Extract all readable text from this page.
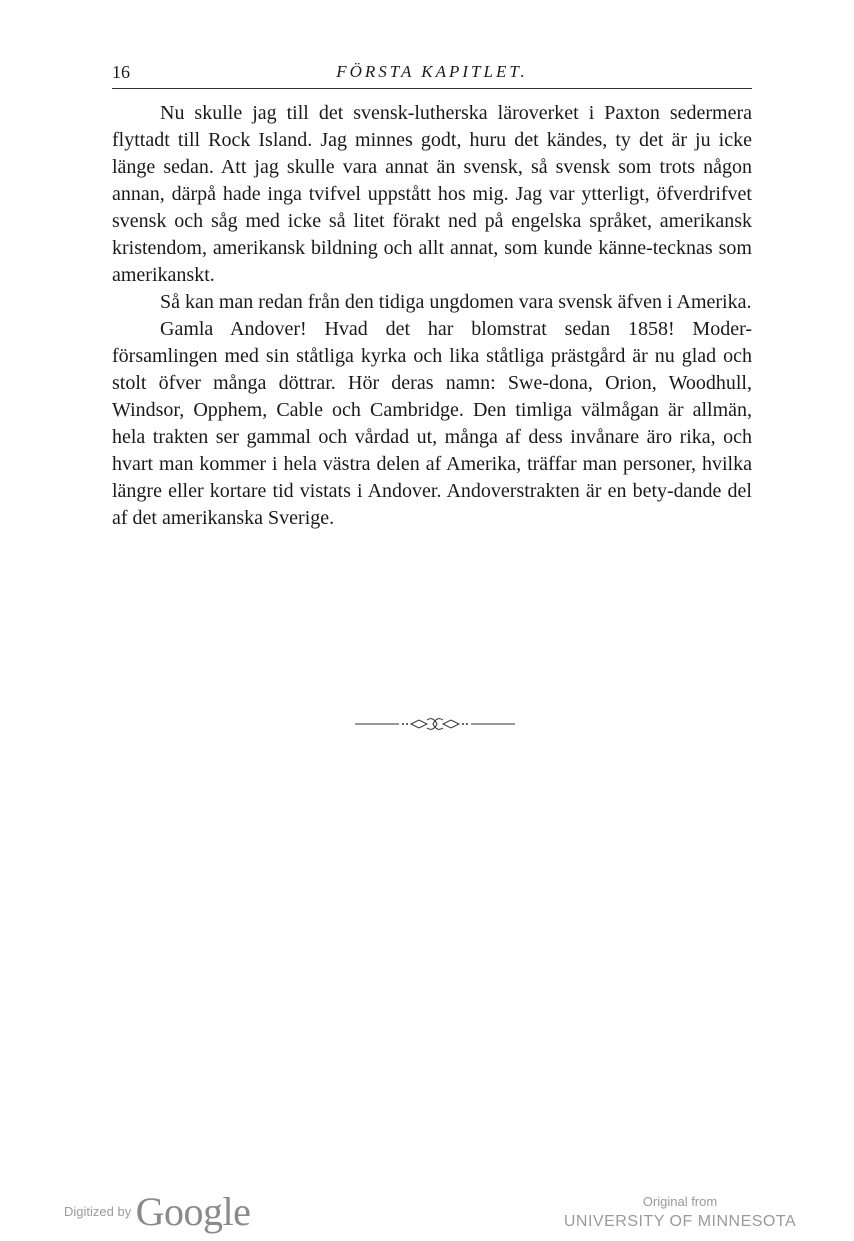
16	FÖRSTA KAPITLET.

Nu skulle jag till det svensk-lutherska läroverket i Paxton sedermera flyttadt till Rock Island. Jag minnes godt, huru det kändes, ty det är ju icke länge sedan. Att jag skulle vara annat än svensk, så svensk som trots någon annan, därpå hade inga tvifvel uppstått hos mig. Jag var ytterligt, öfverdrifvet svensk och såg med icke så litet förakt ned på engelska språket, amerikansk kristendom, amerikansk bildning och allt annat, som kunde känne-tecknas som amerikanskt.

Så kan man redan från den tidiga ungdomen vara svensk äfven i Amerika.

Gamla Andover! Hvad det har blomstrat sedan 1858! Moder-församlingen med sin ståtliga kyrka och lika ståtliga prästgård är nu glad och stolt öfver många döttrar. Hör deras namn: Swe-dona, Orion, Woodhull, Windsor, Opphem, Cable och Cambridge. Den timliga välmågan är allmän, hela trakten ser gammal och vårdad ut, många af dess invånare äro rika, och hvart man kommer i hela västra delen af Amerika, träffar man personer, hvilka längre eller kortare tid vistats i Andover. Andoverstrakten är en bety-dande del af det amerikanska Sverige.

Digitized by Google	Original from
UNIVERSITY OF MINNESOTA
